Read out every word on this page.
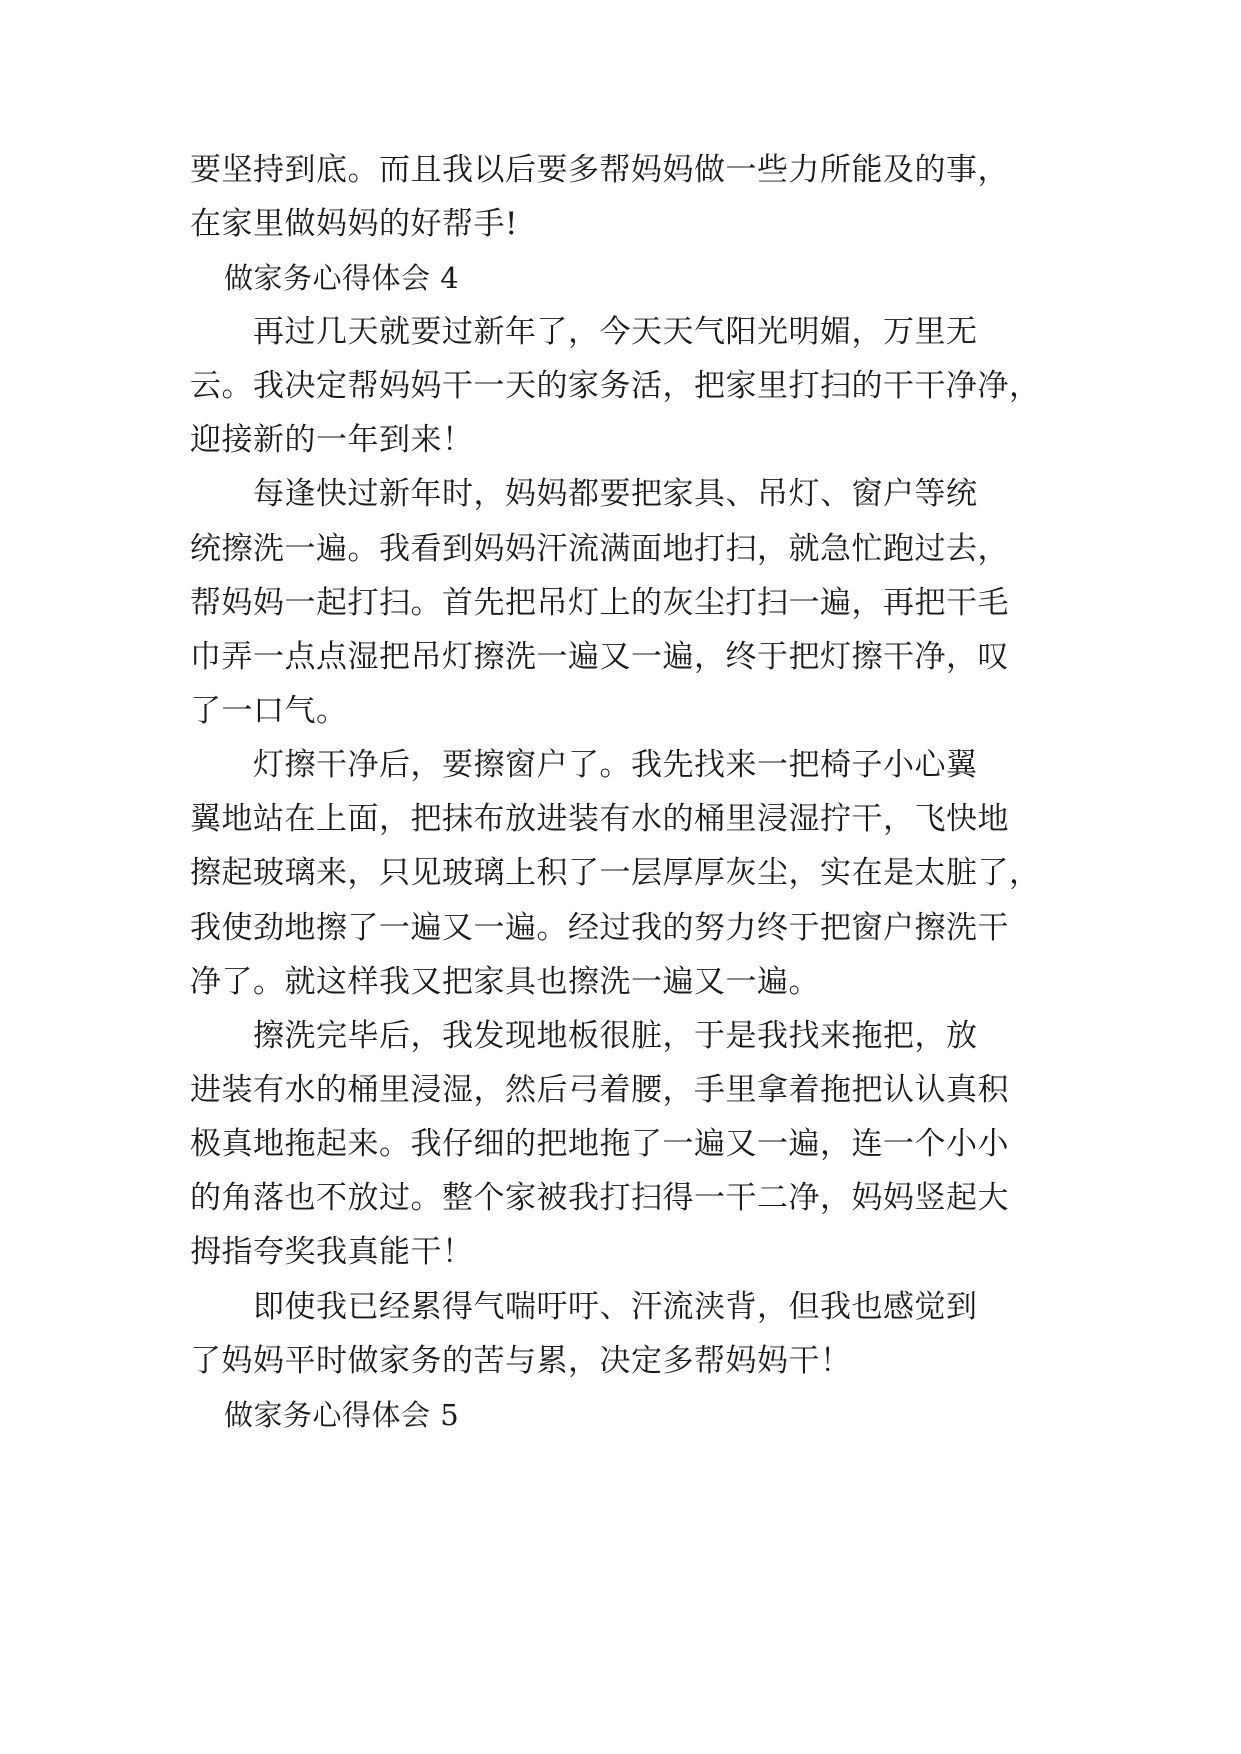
要坚持到底。而且我以后要多帮妈妈做一些力所能及的事，
在家里做妈妈的好帮手!
做家务心得体会 4
　　再过几天就要过新年了，今天天气阳光明媚，万里无
云。我决定帮妈妈干一天的家务活，把家里打扫的干干净净，
迎接新的一年到来！
　　每逢快过新年时，妈妈都要把家具、吊灯、窗户等统
统擦洗一遍。我看到妈妈汗流满面地打扫，就急忙跑过去，
帮妈妈一起打扫。首先把吊灯上的灰尘打扫一遍，再把干毛
巾弄一点点湿把吊灯擦洗一遍又一遍，终于把灯擦干净，叹
了一口气。
　　灯擦干净后，要擦窗户了。我先找来一把椅子小心翼
翼地站在上面，把抹布放进装有水的桶里浸湿拧干，飞快地
擦起玻璃来，只见玻璃上积了一层厚厚灰尘，实在是太脏了，
我使劲地擦了一遍又一遍。经过我的努力终于把窗户擦洗干
净了。就这样我又把家具也擦洗一遍又一遍。
　　擦洗完毕后，我发现地板很脏，于是我找来拖把，放
进装有水的桶里浸湿，然后弓着腰，手里拿着拖把认认真积
极真地拖起来。我仔细的把地拖了一遍又一遍，连一个小小
的角落也不放过。整个家被我打扫得一干二净，妈妈竖起大
拇指夸奖我真能干！
　　即使我已经累得气喘吁吁、汗流浃背，但我也感觉到
了妈妈平时做家务的苦与累，决定多帮妈妈干！
做家务心得体会 5
